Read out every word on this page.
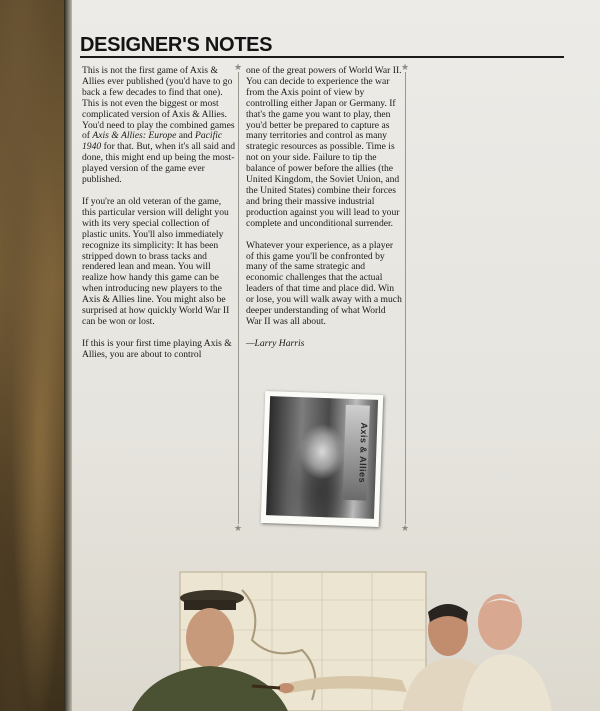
DESIGNER'S NOTES
★	★
★	★

This is not the first game of Axis & Allies ever published (you'd have to go back a few decades to find that one). This is not even the biggest or most complicated version of Axis & Allies. You'd need to play the combined games of Axis & Allies: Europe and Pacific 1940 for that. But, when it's all said and done, this might end up being the most-played version of the game ever published.

If you're an old veteran of the game, this particular version will delight you with its very special collection of plastic units. You'll also immediately recognize its simplicity: It has been stripped down to brass tacks and rendered lean and mean. You will realize how handy this game can be when introducing new players to the Axis & Allies line. You might also be surprised at how quickly World War II can be won or lost.

If this is your first time playing Axis & Allies, you are about to control

one of the great powers of World War II. You can decide to experience the war from the Axis point of view by controlling either Japan or Germany. If that's the game you want to play, then you'd better be prepared to capture as many territories and control as many strategic resources as possible. Time is not on your side. Failure to tip the balance of power before the allies (the United Kingdom, the Soviet Union, and the United States) combine their forces and bring their massive industrial production against you will lead to your complete and unconditional surrender.

Whatever your experience, as a player of this game you'll be confronted by many of the same strategic and economic challenges that the actual leaders of that time and place did. Win or lose, you will walk away with a much deeper understanding of what World War II was all about.

—Larry Harris
Axis & Allies
